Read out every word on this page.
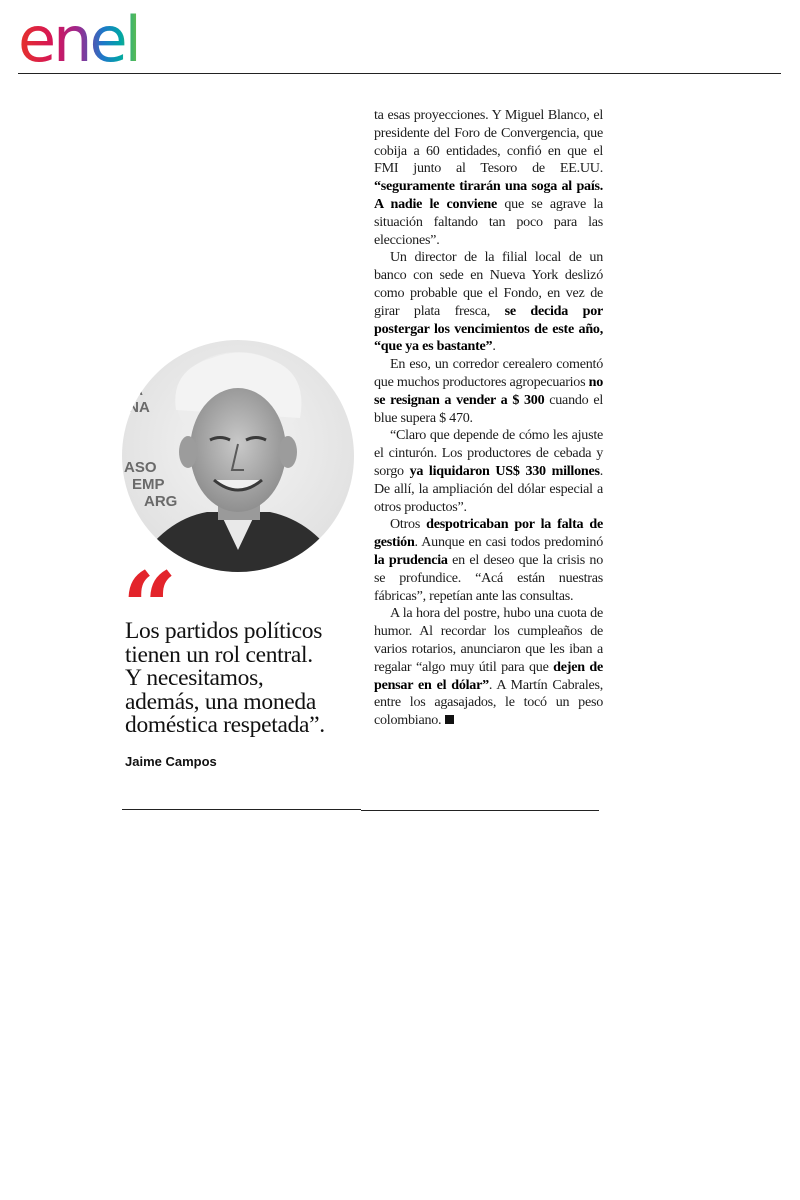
enel
ÍA
INA
ASO
EMP
ARG
“
Los partidos políticos
tienen un rol central.
Y necesitamos,
además, una moneda
doméstica respetada”.
Jaime Campos

ta esas proyecciones. Y Miguel Blanco, el presidente del Foro de Convergencia, que cobija a 60 entidades, confió en que el FMI junto al Tesoro de EE.UU. “seguramente tirarán una soga al país. A nadie le conviene que se agrave la situación faltando tan poco para las elecciones”.

Un director de la filial local de un banco con sede en Nueva York deslizó como probable que el Fondo, en vez de girar plata fresca, se decida por postergar los vencimientos de este año, “que ya es bastante”.

En eso, un corredor cerealero comentó que muchos productores agropecuarios no se resignan a vender a $ 300 cuando el blue supera $ 470.

“Claro que depende de cómo les ajuste el cinturón. Los productores de cebada y sorgo ya liquidaron US$ 330 millones. De allí, la ampliación del dólar especial a otros productos”.

Otros despotricaban por la falta de gestión. Aunque en casi todos predominó la prudencia en el deseo que la crisis no se profundice. “Acá están nuestras fábricas”, repetían ante las consultas.

A la hora del postre, hubo una cuota de humor. Al recordar los cumpleaños de varios rotarios, anunciaron que les iban a regalar “algo muy útil para que dejen de pensar en el dólar”. A Martín Cabrales, entre los agasajados, le tocó un peso colombiano.
